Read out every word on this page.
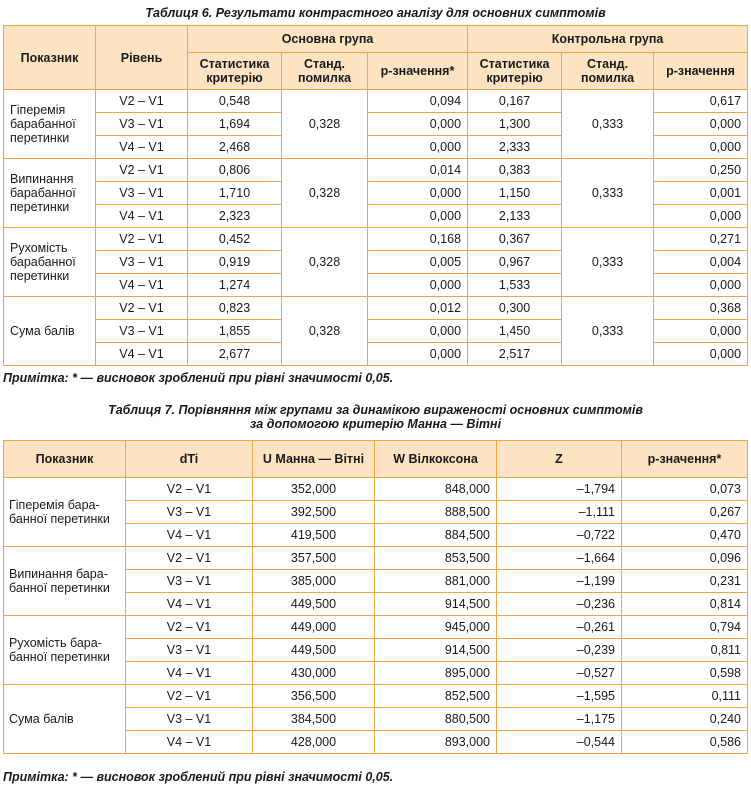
Таблиця 6. Результати контрастного аналізу для основних симптомів

Показник	Рівень	Основна група			Контрольна група		
		Статистика критерію	Станд. помилка	p-значення*	Статистика критерію	Станд. помилка	p-значення
Гіперемія барабанної перетинки	V2 – V1	0,548	0,328	0,094	0,167	0,333	0,617
	V3 – V1	1,694		0,000	1,300		0,000
	V4 – V1	2,468		0,000	2,333		0,000
Випинання барабанної перетинки	V2 – V1	0,806	0,328	0,014	0,383	0,333	0,250
	V3 – V1	1,710		0,000	1,150		0,001
	V4 – V1	2,323		0,000	2,133		0,000
Рухомість барабанної перетинки	V2 – V1	0,452	0,328	0,168	0,367	0,333	0,271
	V3 – V1	0,919		0,005	0,967		0,004
	V4 – V1	1,274		0,000	1,533		0,000
Сума балів	V2 – V1	0,823	0,328	0,012	0,300	0,333	0,368
	V3 – V1	1,855		0,000	1,450		0,000
	V4 – V1	2,677		0,000	2,517		0,000
Примітка: * — висновок зроблений при рівні значимості 0,05.

Таблиця 7. Порівняння між групами за динамікою вираженості основних симптомів

за допомогою критерію Манна — Вітні

Показник	dTi	U Манна — Вітні	W Вілкоксона	Z	p-значення*
Гіперемія бара-банної перетинки	V2 – V1	352,000	848,000	–1,794	0,073
	V3 – V1	392,500	888,500	–1,111	0,267
	V4 – V1	419,500	884,500	–0,722	0,470
Випинання бара-банної перетинки	V2 – V1	357,500	853,500	–1,664	0,096
	V3 – V1	385,000	881,000	–1,199	0,231
	V4 – V1	449,500	914,500	–0,236	0,814
Рухомість бара-банної перетинки	V2 – V1	449,000	945,000	–0,261	0,794
	V3 – V1	449,500	914,500	–0,239	0,811
	V4 – V1	430,000	895,000	–0,527	0,598
Сума балів	V2 – V1	356,500	852,500	–1,595	0,111
	V3 – V1	384,500	880,500	–1,175	0,240
	V4 – V1	428,000	893,000	–0,544	0,586
Примітка: * — висновок зроблений при рівні значимості 0,05.
